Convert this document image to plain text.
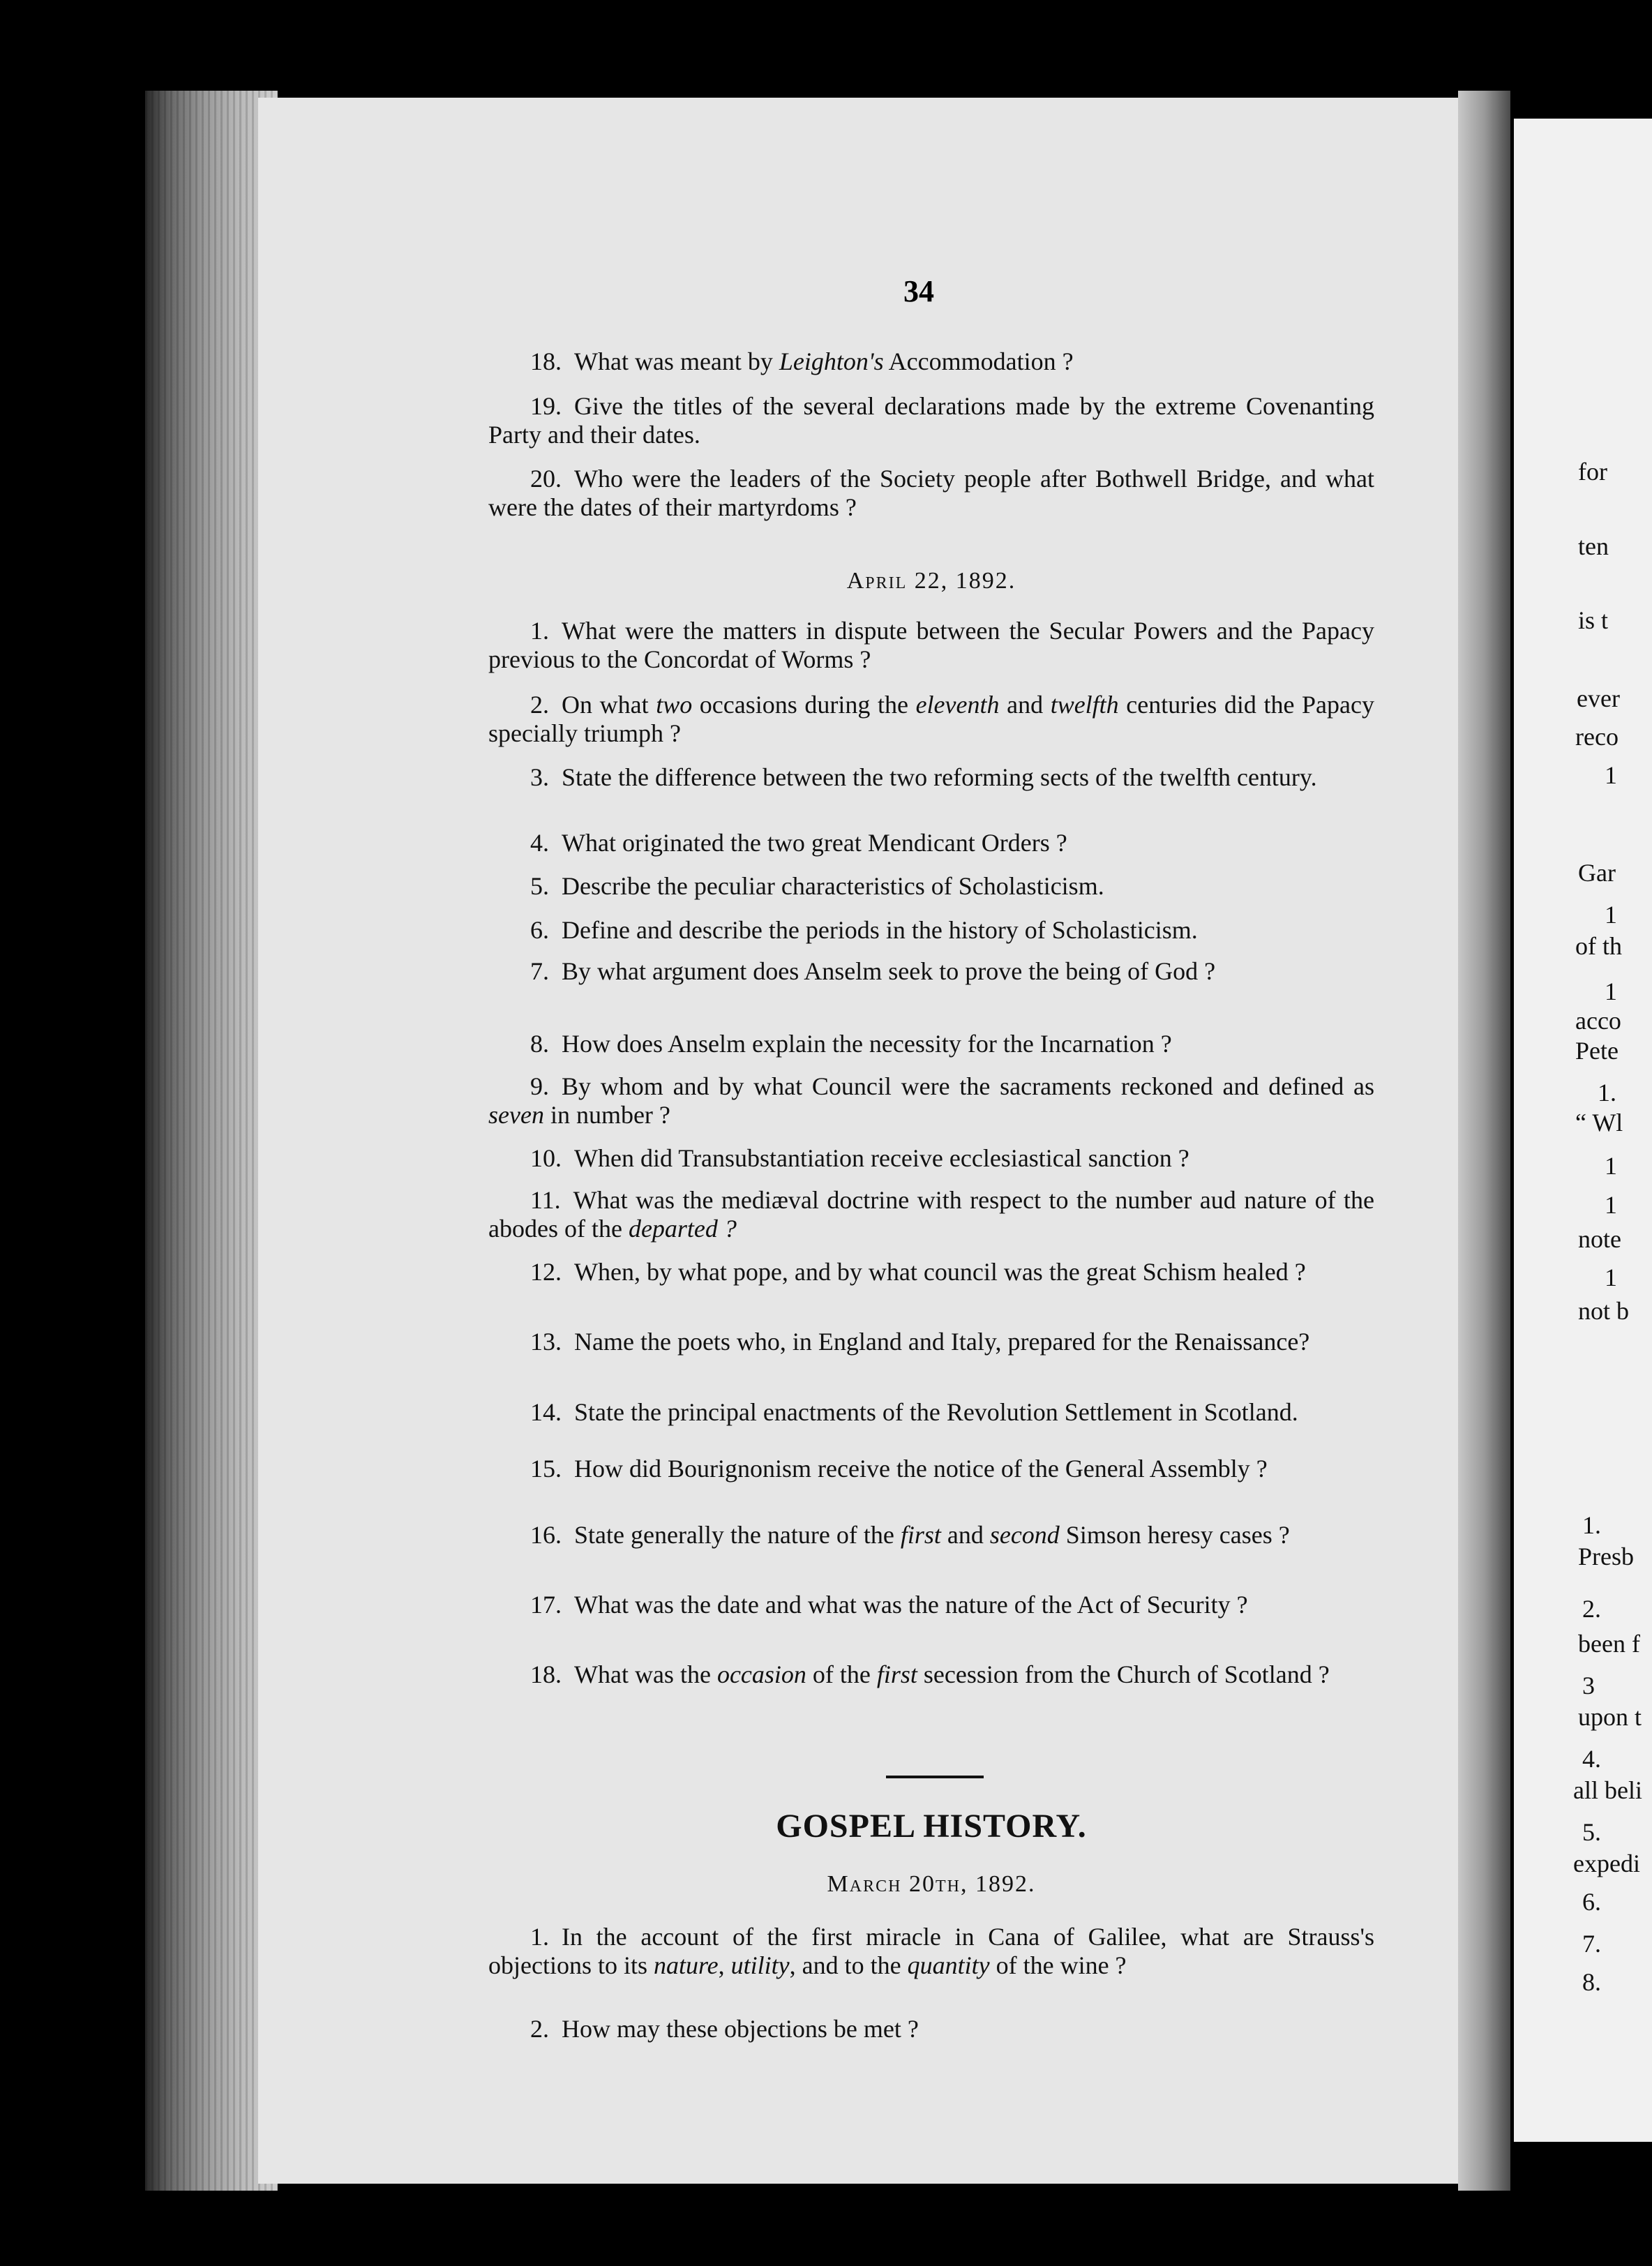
34
18. What was meant by Leighton's Accommodation ?
19. Give the titles of the several declarations made by the extreme Covenanting Party and their dates.
20. Who were the leaders of the Society people after Bothwell Bridge, and what were the dates of their martyrdoms ?
April 22, 1892.
1. What were the matters in dispute between the Secular Powers and the Papacy previous to the Concordat of Worms ?
2. On what two occasions during the eleventh and twelfth centuries did the Papacy specially triumph ?
3. State the difference between the two reforming sects of the twelfth century.
4. What originated the two great Mendicant Orders ?
5. Describe the peculiar characteristics of Scholasticism.
6. Define and describe the periods in the history of Scholasticism.
7. By what argument does Anselm seek to prove the being of God ?
8. How does Anselm explain the necessity for the Incarnation ?
9. By whom and by what Council were the sacraments reckoned and defined as seven in number ?
10. When did Transubstantiation receive ecclesiastical sanction ?
11. What was the mediæval doctrine with respect to the number aud nature of the abodes of the departed ?
12. When, by what pope, and by what council was the great Schism healed ?
13. Name the poets who, in England and Italy, prepared for the Renaissance?
14. State the principal enactments of the Revolution Settlement in Scotland.
15. How did Bourignonism receive the notice of the General Assembly ?
16. State generally the nature of the first and second Simson heresy cases ?
17. What was the date and what was the nature of the Act of Security ?
18. What was the occasion of the first secession from the Church of Scotland ?
GOSPEL HISTORY.
March 20th, 1892.
1. In the account of the first miracle in Cana of Galilee, what are Strauss's objections to its nature, utility, and to the quantity of the wine ?
2. How may these objections be met ?
for
ten
is t
ever
reco
1
Gar
1
of th
1
acco
Pete
1.
“ Wl
1
1
note
1
not b
1.
Presb
2.
been f
3
upon t
4.
all beli
5.
expedi
6.
7.
8.
